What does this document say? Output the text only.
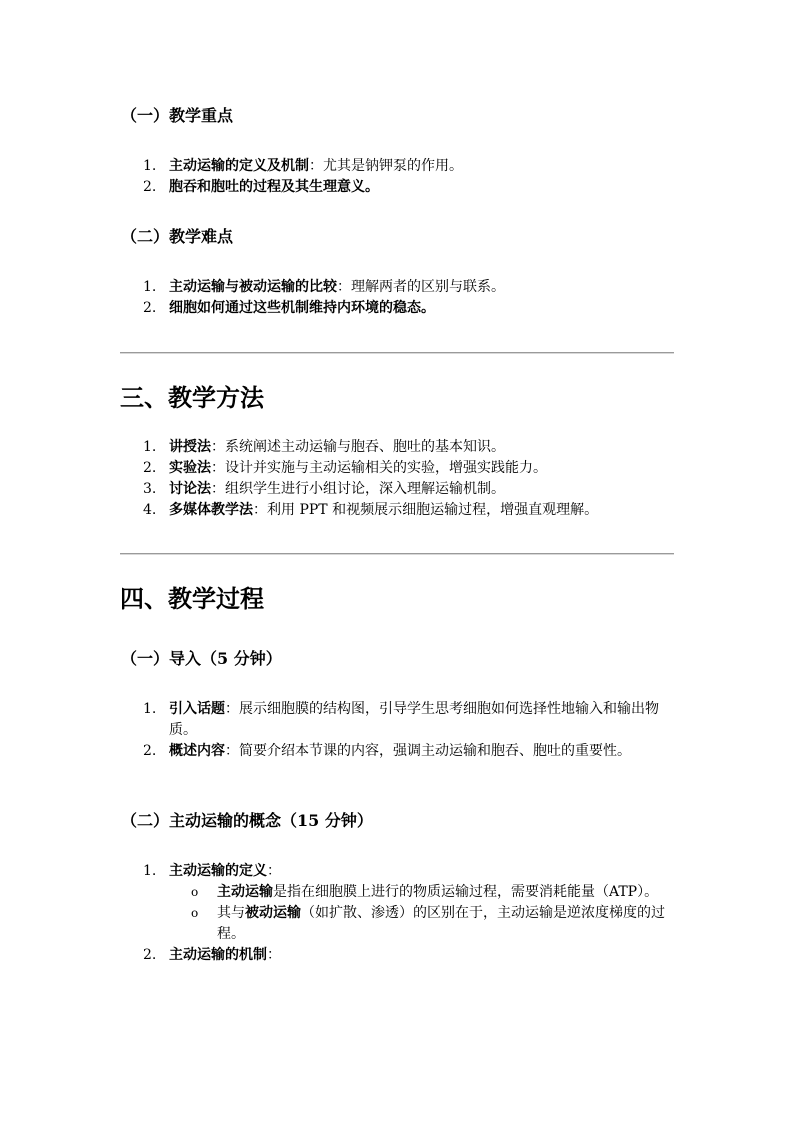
（一）教学重点
1. 主动运输的定义及机制：尤其是钠钾泵的作用。
2. 胞吞和胞吐的过程及其生理意义。
（二）教学难点
1. 主动运输与被动运输的比较：理解两者的区别与联系。
2. 细胞如何通过这些机制维持内环境的稳态。
三、教学方法
1. 讲授法：系统阐述主动运输与胞吞、胞吐的基本知识。
2. 实验法：设计并实施与主动运输相关的实验，增强实践能力。
3. 讨论法：组织学生进行小组讨论，深入理解运输机制。
4. 多媒体教学法：利用 PPT 和视频展示细胞运输过程，增强直观理解。
四、教学过程
（一）导入（5 分钟）
1. 引入话题：展示细胞膜的结构图，引导学生思考细胞如何选择性地输入和输出物质。
2. 概述内容：简要介绍本节课的内容，强调主动运输和胞吞、胞吐的重要性。
（二）主动运输的概念（15 分钟）
1. 主动运输的定义：
o 主动运输是指在细胞膜上进行的物质运输过程，需要消耗能量（ATP）。
o 其与被动运输（如扩散、渗透）的区别在于，主动运输是逆浓度梯度的过程。
2. 主动运输的机制：
